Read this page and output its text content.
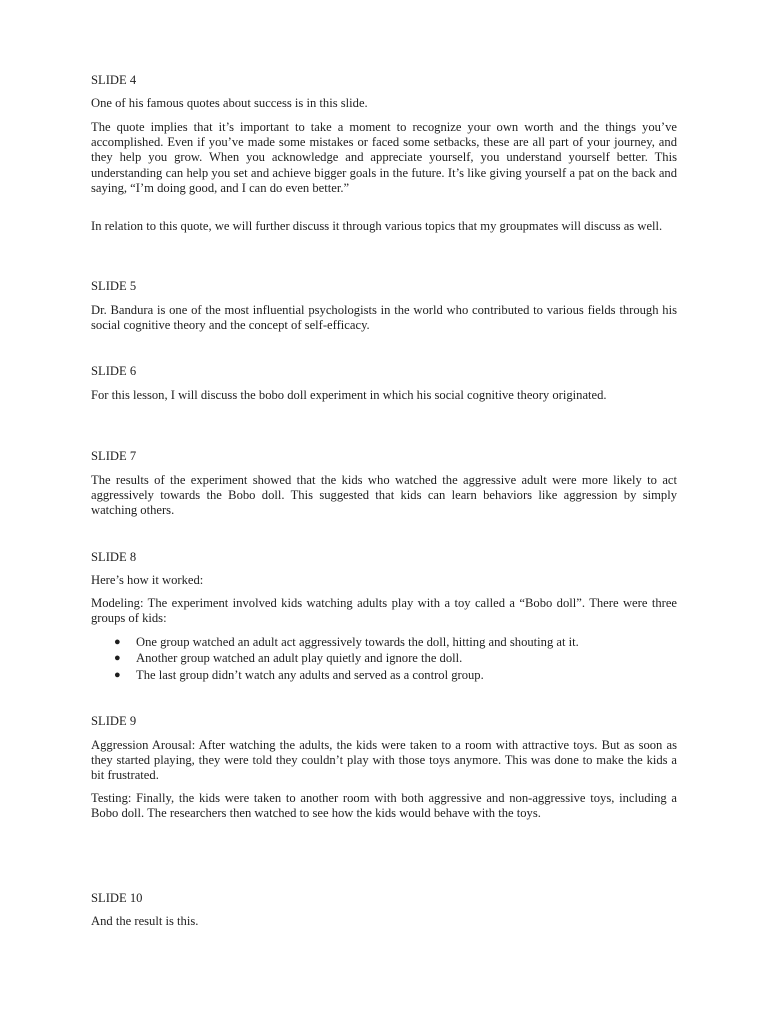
SLIDE 4

One of his famous quotes about success is in this slide.

The quote implies that it’s important to take a moment to recognize your own worth and the things you’ve accomplished. Even if you’ve made some mistakes or faced some setbacks, these are all part of your journey, and they help you grow. When you acknowledge and appreciate yourself, you understand yourself better. This understanding can help you set and achieve bigger goals in the future. It’s like giving yourself a pat on the back and saying, “I’m doing good, and I can do even better.”

In relation to this quote, we will further discuss it through various topics that my groupmates will discuss as well.

SLIDE 5

Dr. Bandura is one of the most influential psychologists in the world who contributed to various fields through his social cognitive theory and the concept of self-efficacy.

SLIDE 6

For this lesson, I will discuss the bobo doll experiment in which his social cognitive theory originated.

SLIDE 7

The results of the experiment showed that the kids who watched the aggressive adult were more likely to act aggressively towards the Bobo doll. This suggested that kids can learn behaviors like aggression by simply watching others.

SLIDE 8

Here’s how it worked:

Modeling: The experiment involved kids watching adults play with a toy called a “Bobo doll”. There were three groups of kids:

● One group watched an adult act aggressively towards the doll, hitting and shouting at it.
● Another group watched an adult play quietly and ignore the doll.
● The last group didn’t watch any adults and served as a control group.

SLIDE 9

Aggression Arousal: After watching the adults, the kids were taken to a room with attractive toys. But as soon as they started playing, they were told they couldn’t play with those toys anymore. This was done to make the kids a bit frustrated.

Testing: Finally, the kids were taken to another room with both aggressive and non-aggressive toys, including a Bobo doll. The researchers then watched to see how the kids would behave with the toys.

SLIDE 10

And the result is this.
